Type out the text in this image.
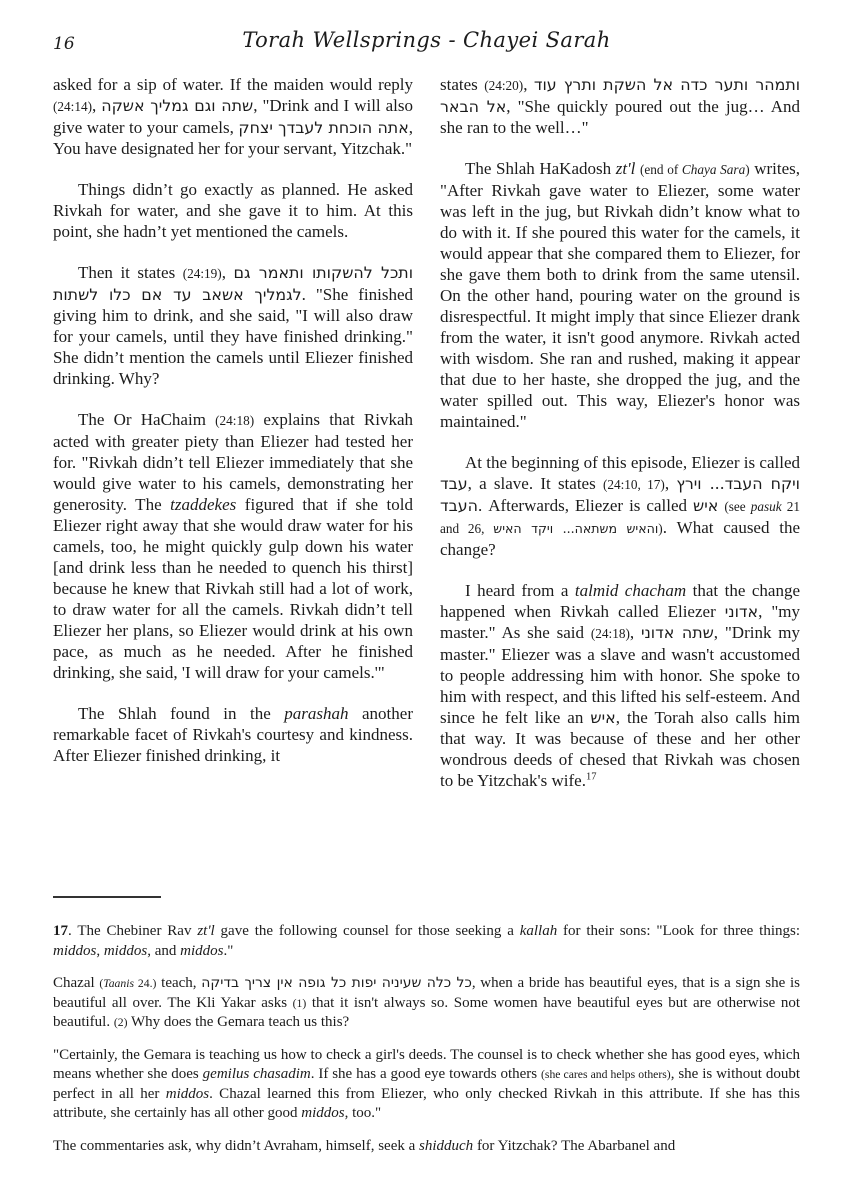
16	Torah Wellsprings - Chayei Sarah

asked for a sip of water. If the maiden would reply (24:14), שתה וגם גמליך אשקה, "Drink and I will also give water to your camels, אתה הוכחת לעבדך יצחק, You have designated her for your servant, Yitzchak."

Things didn’t go exactly as planned. He asked Rivkah for water, and she gave it to him. At this point, she hadn’t yet mentioned the camels.

Then it states (24:19), ותכל להשקותו ותאמר גם לגמליך אשאב עד אם כלו לשתות. "She finished giving him to drink, and she said, "I will also draw for your camels, until they have finished drinking." She didn’t mention the camels until Eliezer finished drinking. Why?

The Or HaChaim (24:18) explains that Rivkah acted with greater piety than Eliezer had tested her for. "Rivkah didn’t tell Eliezer immediately that she would give water to his camels, demonstrating her generosity. The tzaddekes figured that if she told Eliezer right away that she would draw water for his camels, too, he might quickly gulp down his water [and drink less than he needed to quench his thirst] because he knew that Rivkah still had a lot of work, to draw water for all the camels. Rivkah didn’t tell Eliezer her plans, so Eliezer would drink at his own pace, as much as he needed. After he finished drinking, she said, 'I will draw for your camels.'"

The Shlah found in the parashah another remarkable facet of Rivkah's courtesy and kindness. After Eliezer finished drinking, it

states (24:20), ותמהר ותער כדה אל השקת ותרץ עוד אל הבאר, "She quickly poured out the jug… And she ran to the well…"

The Shlah HaKadosh zt'l (end of Chaya Sara) writes, "After Rivkah gave water to Eliezer, some water was left in the jug, but Rivkah didn’t know what to do with it. If she poured this water for the camels, it would appear that she compared them to Eliezer, for she gave them both to drink from the same utensil. On the other hand, pouring water on the ground is disrespectful. It might imply that since Eliezer drank from the water, it isn't good anymore. Rivkah acted with wisdom. She ran and rushed, making it appear that due to her haste, she dropped the jug, and the water spilled out. This way, Eliezer's honor was maintained."

At the beginning of this episode, Eliezer is called עבד, a slave. It states (24:10, 17), ויקח העבד... וירץ העבד. Afterwards, Eliezer is called איש (see pasuk 21 and 26, והאיש משתאה... ויקד האיש). What caused the change?

I heard from a talmid chacham that the change happened when Rivkah called Eliezer אדוני, "my master." As she said (24:18), שתה אדוני, "Drink my master." Eliezer was a slave and wasn't accustomed to people addressing him with honor. She spoke to him with respect, and this lifted his self-esteem. And since he felt like an איש, the Torah also calls him that way. It was because of these and her other wondrous deeds of chesed that Rivkah was chosen to be Yitzchak's wife.$^{17}$

17. The Chebiner Rav zt'l gave the following counsel for those seeking a kallah for their sons: "Look for three things: middos, middos, and middos."

Chazal (Taanis 24.) teach, כל כלה שעיניה יפות כל גופה אין צריך בדיקה, when a bride has beautiful eyes, that is a sign she is beautiful all over. The Kli Yakar asks (1) that it isn't always so. Some women have beautiful eyes but are otherwise not beautiful. (2) Why does the Gemara teach us this?

"Certainly, the Gemara is teaching us how to check a girl's deeds. The counsel is to check whether she has good eyes, which means whether she does gemilus chasadim. If she has a good eye towards others (she cares and helps others), she is without doubt perfect in all her middos. Chazal learned this from Eliezer, who only checked Rivkah in this attribute. If she has this attribute, she certainly has all other good middos, too."

The commentaries ask, why didn’t Avraham, himself, seek a shidduch for Yitzchak? The Abarbanel and
